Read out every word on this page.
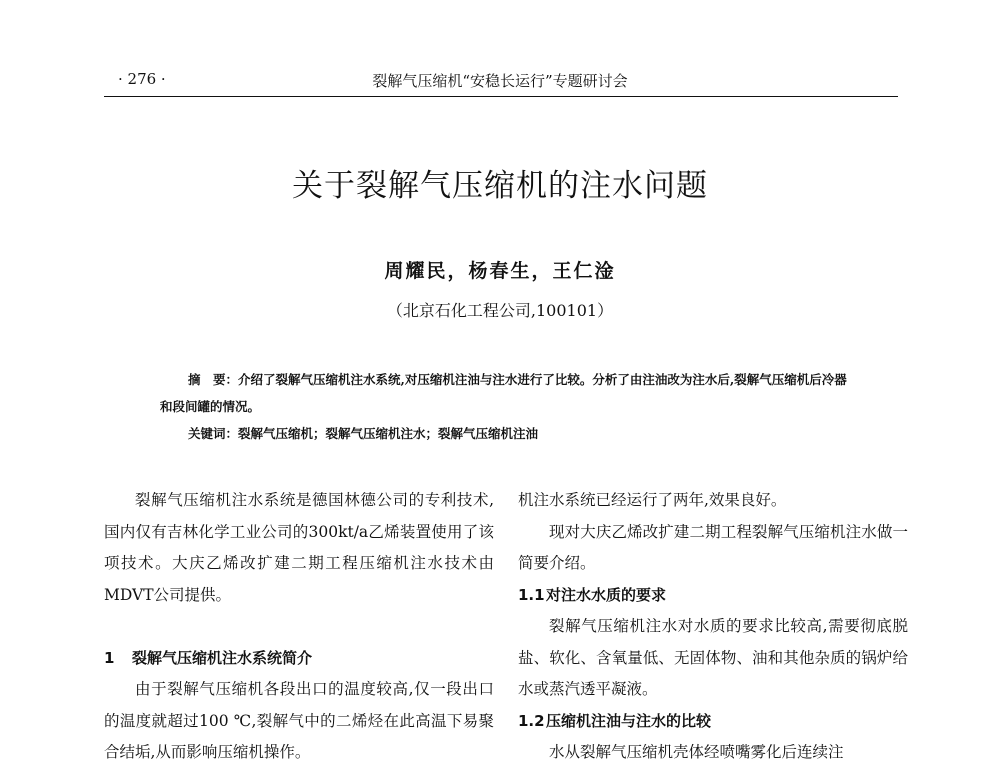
· 276 ·	裂解气压缩机“安稳长运行”专题研讨会
关于裂解气压缩机的注水问题
周耀民，杨春生，王仁淦
（北京石化工程公司,100101）
摘　要：介绍了裂解气压缩机注水系统,对压缩机注油与注水进行了比较。分析了由注油改为注水后,裂解气压缩机后冷器和段间罐的情况。
关键词：裂解气压缩机；裂解气压缩机注水；裂解气压缩机注油

裂解气压缩机注水系统是德国林德公司的专利技术,国内仅有吉林化学工业公司的300kt/a乙烯装置使用了该项技术。大庆乙烯改扩建二期工程压缩机注水技术由MDVT公司提供。

1 裂解气压缩机注水系统简介

由于裂解气压缩机各段出口的温度较高,仅一段出口的温度就超过100 ℃,裂解气中的二烯烃在此高温下易聚合结垢,从而影响压缩机操作。

机注水系统已经运行了两年,效果良好。

现对大庆乙烯改扩建二期工程裂解气压缩机注水做一简要介绍。

1.1对注水水质的要求

裂解气压缩机注水对水质的要求比较高,需要彻底脱盐、软化、含氧量低、无固体物、油和其他杂质的锅炉给水或蒸汽透平凝液。

1.2压缩机注油与注水的比较

水从裂解气压缩机壳体经喷嘴雾化后连续注
